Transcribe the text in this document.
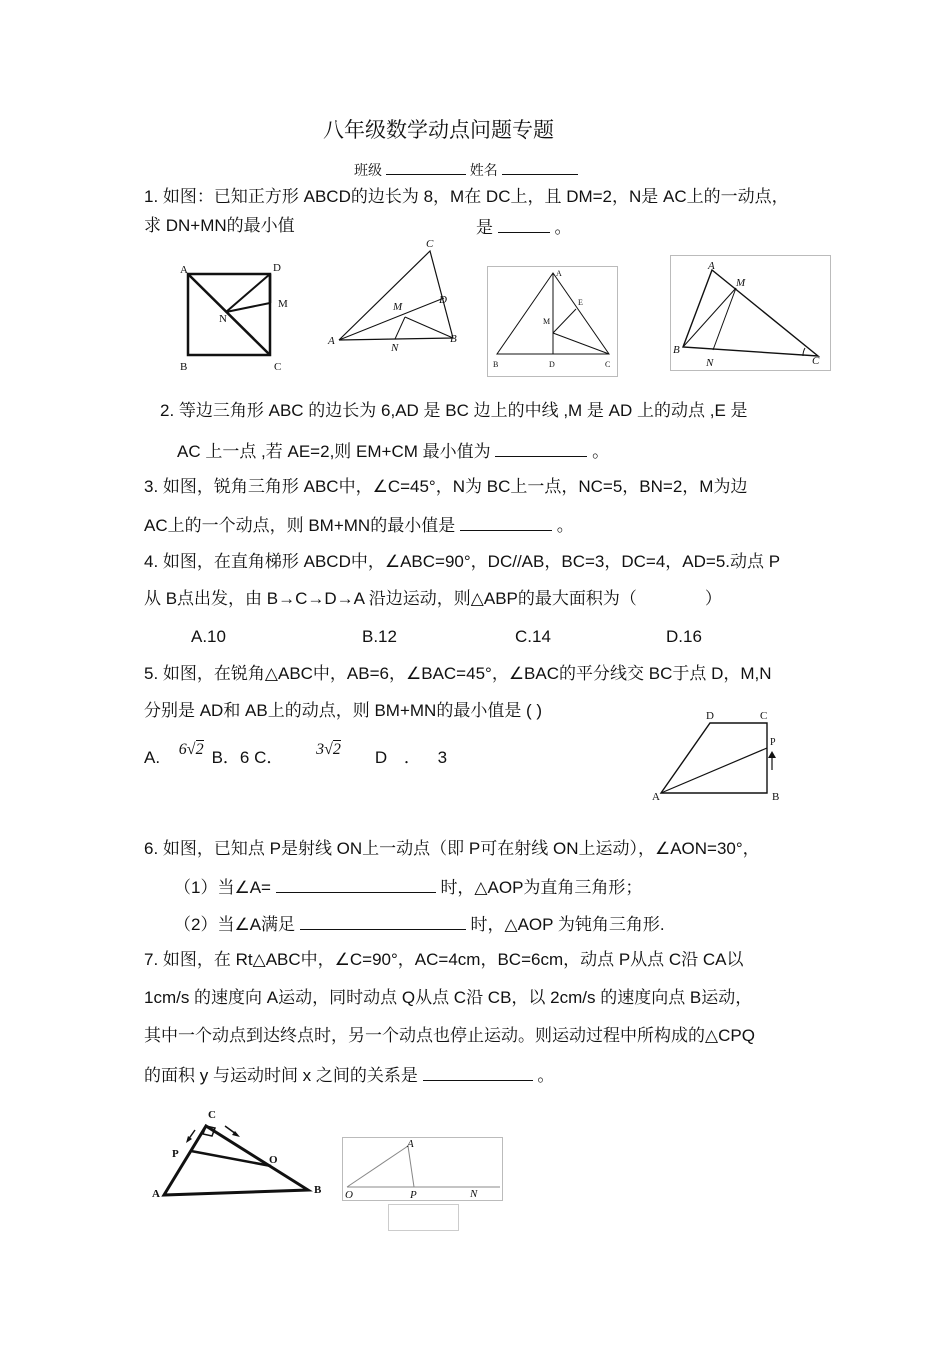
八年级数学动点问题专题
班级	姓名
1. 如图：已知正方形 ABCD的边长为 8，M在 DC上，且 DM=2，N是 AC上的一动点，
求 DN+MN的最小值	是	。
A	D
M
N
B	C
C
M
D
A
N
B
A
E
M
B	D	C
A
M
B
N	C
2. 等边三角形 ABC 的边长为 6,AD 是 BC 边上的中线 ,M 是 AD 上的动点 ,E 是
AC 上一点 ,若 AE=2,则 EM+CM 最小值为	。
3. 如图，锐角三角形 ABC中，∠C=45°，N为 BC上一点，NC=5，BN=2，M为边
AC上的一个动点，则 BM+MN的最小值是	。
4. 如图，在直角梯形 ABCD中，∠ABC=90°，DC//AB，BC=3，DC=4，AD=5.动点 P
从 B点出发，由 B→C→D→A 沿边运动，则△ABP的最大面积为（　　　　）
A.10	B.12	C.14	D.16
5. 如图，在锐角△ABC中，AB=6，∠BAC=45°，∠BAC的平分线交 BC于点 D，M,N
分别是 AD和 AB上的动点，则 BM+MN的最小值是 ( )
A. 6√2 B．6 C． 3√2 D ． 3
D	C
P
A	B
6. 如图，已知点 P是射线 ON上一动点（即 P可在射线 ON上运动），∠AON=30°，
（1）当∠A=	时，△AOP为直角三角形；
（2）当∠A满足	时，△AOP 为钝角三角形.
7. 如图，在 Rt△ABC中，∠C=90°，AC=4cm，BC=6cm，动点 P从点 C沿 CA以
1cm/s 的速度向 A运动，同时动点 Q从点 C沿 CB，以 2cm/s 的速度向点 B运动，
其中一个动点到达终点时，另一个动点也停止运动。则运动过程中所构成的△CPQ
的面积 y 与运动时间 x 之间的关系是	。
C
P	O
A	B
A
O	P	N
